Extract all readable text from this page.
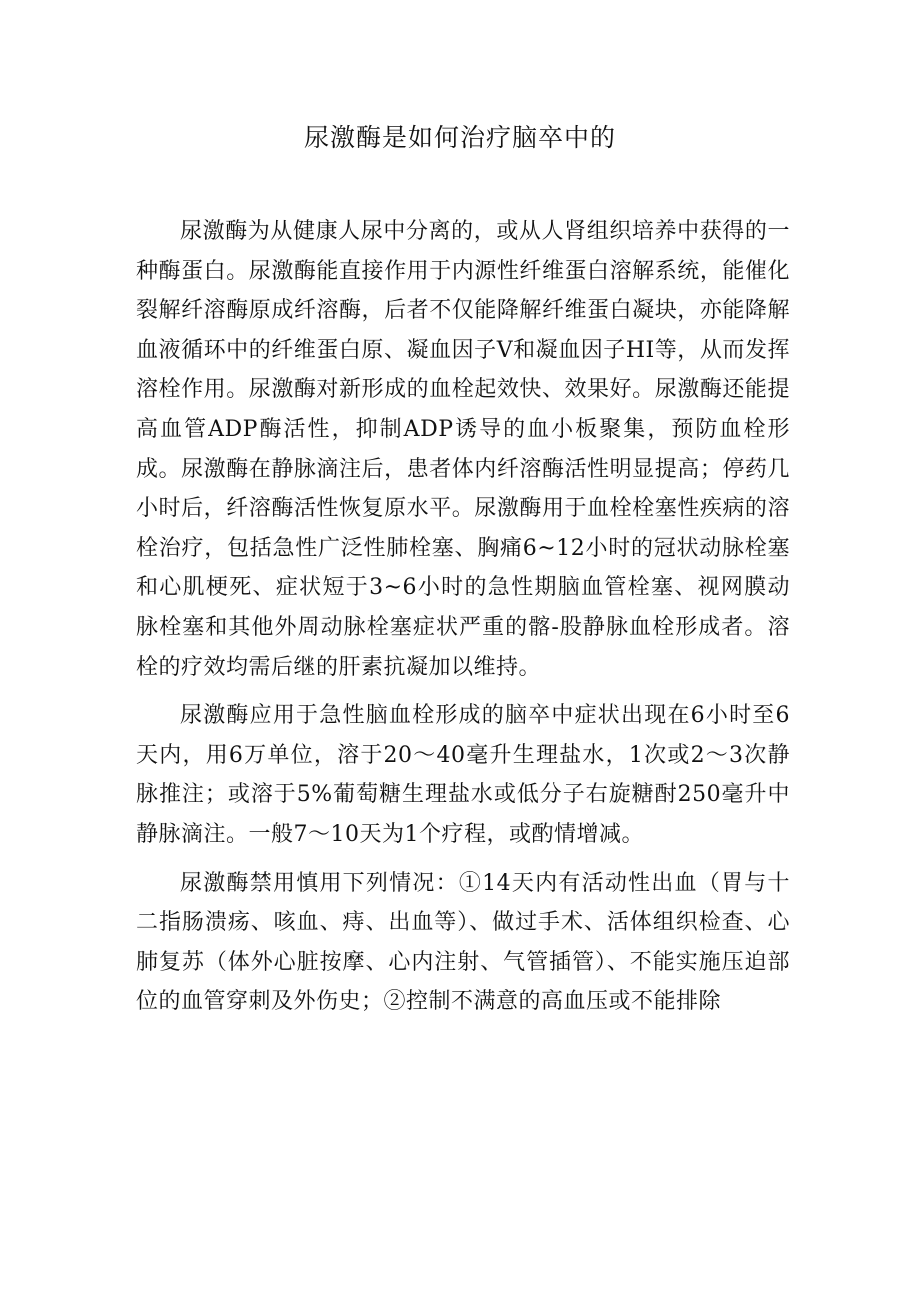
尿激酶是如何治疗脑卒中的

尿激酶为从健康人尿中分离的，或从人肾组织培养中获得的一种酶蛋白。尿激酶能直接作用于内源性纤维蛋白溶解系统，能催化裂解纤溶酶原成纤溶酶，后者不仅能降解纤维蛋白凝块，亦能降解血液循环中的纤维蛋白原、凝血因子V和凝血因子HI等，从而发挥溶栓作用。尿激酶对新形成的血栓起效快、效果好。尿激酶还能提高血管ADP酶活性，抑制ADP诱导的血小板聚集，预防血栓形成。尿激酶在静脉滴注后，患者体内纤溶酶活性明显提高；停药几小时后，纤溶酶活性恢复原水平。尿激酶用于血栓栓塞性疾病的溶栓治疗，包括急性广泛性肺栓塞、胸痛6~12小时的冠状动脉栓塞和心肌梗死、症状短于3~6小时的急性期脑血管栓塞、视网膜动脉栓塞和其他外周动脉栓塞症状严重的髂-股静脉血栓形成者。溶栓的疗效均需后继的肝素抗凝加以维持。

尿激酶应用于急性脑血栓形成的脑卒中症状出现在6小时至6天内，用6万单位，溶于20～40毫升生理盐水，1次或2～3次静脉推注；或溶于5%葡萄糖生理盐水或低分子右旋糖酎250毫升中静脉滴注。一般7～10天为1个疗程，或酌情增减。

尿激酶禁用慎用下列情况：①14天内有活动性出血（胃与十二指肠溃疡、咳血、痔、出血等）、做过手术、活体组织检查、心肺复苏（体外心脏按摩、心内注射、气管插管）、不能实施压迫部位的血管穿刺及外伤史；②控制不满意的高血压或不能排除
